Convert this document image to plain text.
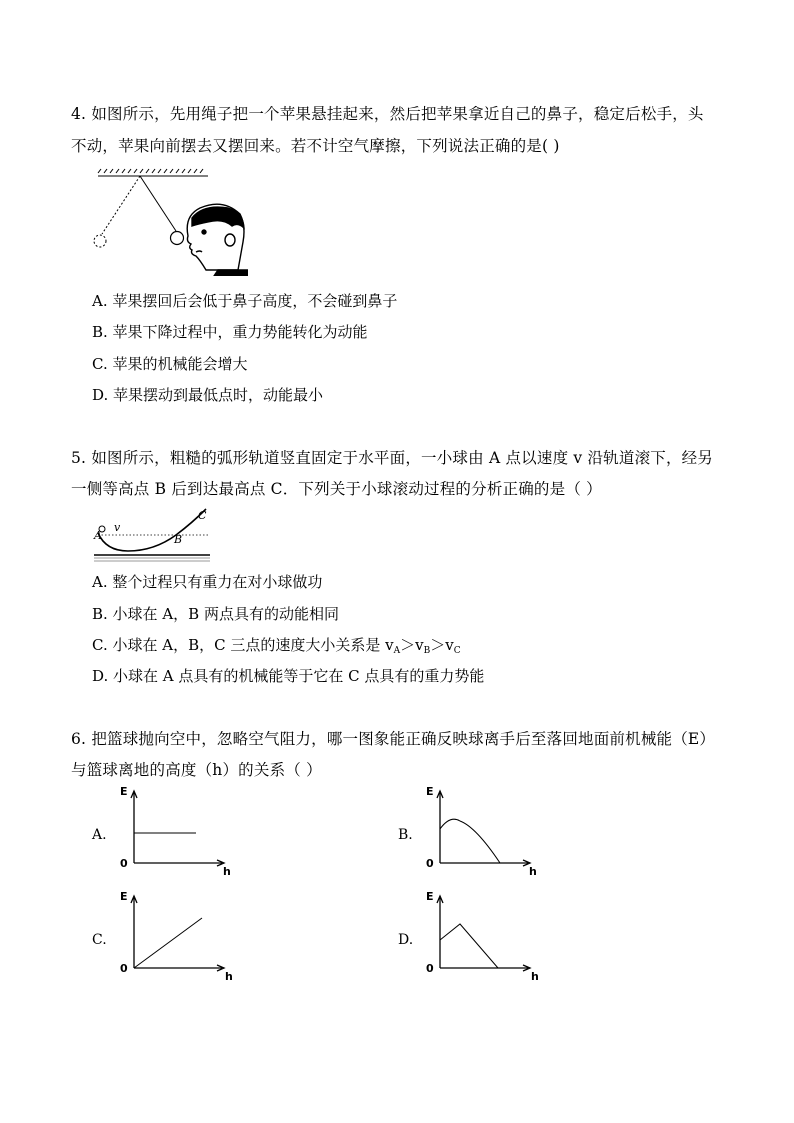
4. 如图所示，先用绳子把一个苹果悬挂起来，然后把苹果拿近自己的鼻子，稳定后松手，头
不动，苹果向前摆去又摆回来。若不计空气摩擦，下列说法正确的是( )
A. 苹果摆回后会低于鼻子高度，不会碰到鼻子
B. 苹果下降过程中，重力势能转化为动能
C. 苹果的机械能会增大
D. 苹果摆动到最低点时，动能最小
5. 如图所示，粗糙的弧形轨道竖直固定于水平面，一小球由 A 点以速度 v 沿轨道滚下，经另
一侧等高点 B 后到达最高点 C．下列关于小球滚动过程的分析正确的是（ ）
A
v
B
C
A. 整个过程只有重力在对小球做功
B. 小球在 A，B 两点具有的动能相同
C. 小球在 A，B，C 三点的速度大小关系是 $v_A>v_B>v_C$
D. 小球在 A 点具有的机械能等于它在 C 点具有的重力势能
6. 把篮球抛向空中，忽略空气阻力，哪一图象能正确反映球离手后至落回地面前机械能（E）
与篮球离地的高度（h）的关系（ ）
A.
E
0
h
B.
E
0
h
C.
E
0
h
D.
E
0
h
